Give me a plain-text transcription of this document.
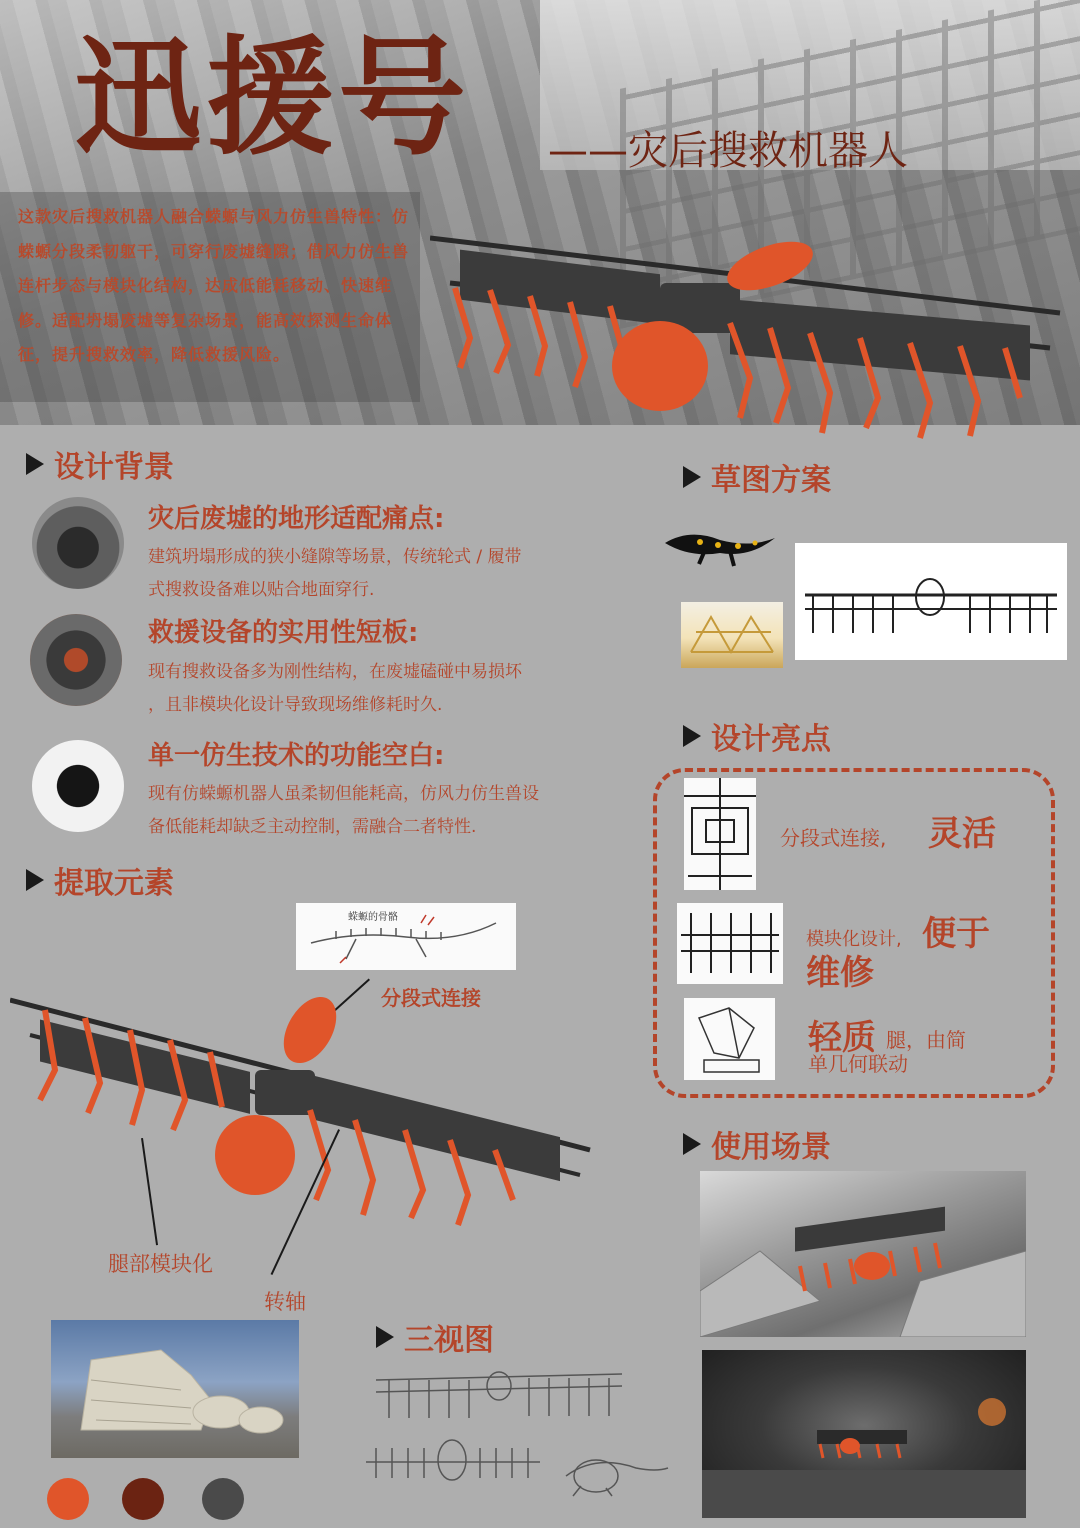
迅援号 ——灾后搜救机器人

这款灾后搜救机器人融合蝾螈与风力仿生兽特性：仿蝾螈分段柔韧躯干，可穿行废墟缝隙；借风力仿生兽连杆步态与模块化结构，达成低能耗移动、快速维修。适配坍塌废墟等复杂场景，能高效探测生命体征，提升搜救效率，降低救援风险。

设计背景
灾后废墟的地形适配痛点:
建筑坍塌形成的狭小缝隙等场景，传统轮式 / 履带
式搜救设备难以贴合地面穿行.
救援设备的实用性短板:
现有搜救设备多为刚性结构，在废墟磕碰中易损坏
，且非模块化设计导致现场维修耗时久.
单一仿生技术的功能空白:
现有仿蝾螈机器人虽柔韧但能耗高，仿风力仿生兽设
备低能耗却缺乏主动控制，需融合二者特性.
草图方案
设计亮点
分段式连接, 灵活
模块化设计, 便于
维修
轻质 腿，由简
单几何联动
提取元素
蝾螈的骨骼
分段式连接
腿部模块化
转轴
三视图
使用场景
